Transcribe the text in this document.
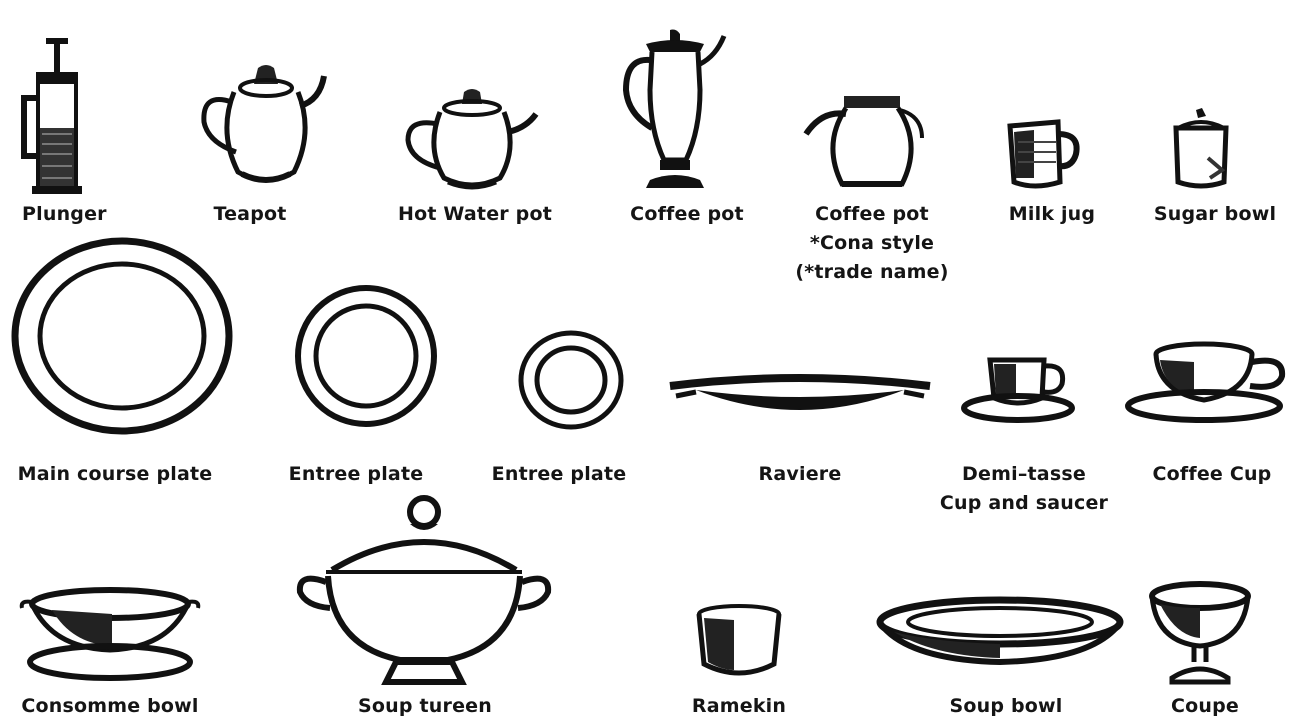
Plunger	Teapot	Hot Water pot	Coffee pot	Coffee pot
*Cona style
(*trade name)
Milk jug	Sugar bowl
Main course plate	Entree plate	Entree plate	Raviere	Demi–tasse
Cup and saucer
Coffee Cup
Consomme bowl	Soup tureen	Ramekin	Soup bowl	Coupe
